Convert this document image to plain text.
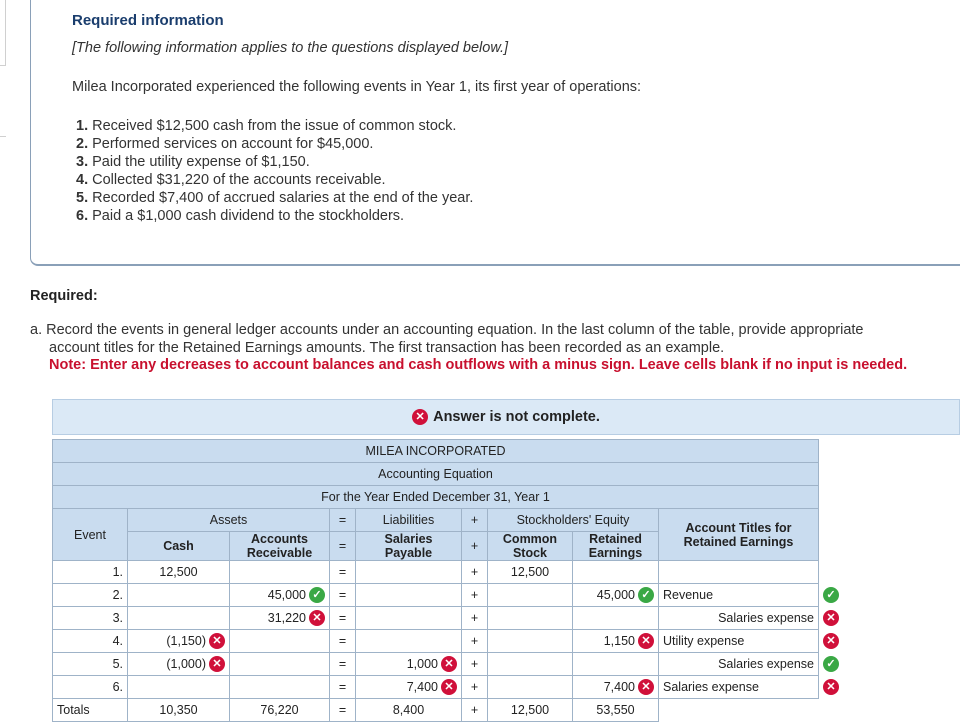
Required information
[The following information applies to the questions displayed below.]
Milea Incorporated experienced the following events in Year 1, its first year of operations:
1. Received $12,500 cash from the issue of common stock.
2. Performed services on account for $45,000.
3. Paid the utility expense of $1,150.
4. Collected $31,220 of the accounts receivable.
5. Recorded $7,400 of accrued salaries at the end of the year.
6. Paid a $1,000 cash dividend to the stockholders.
Required:
a. Record the events in general ledger accounts under an accounting equation. In the last column of the table, provide appropriate
account titles for the Retained Earnings amounts. The first transaction has been recorded as an example.
Note: Enter any decreases to account balances and cash outflows with a minus sign. Leave cells blank if no input is needed.
✕ Answer is not complete.
MILEA INCORPORATED									
Accounting Equation									
For the Year Ended December 31, Year 1									
Event	Assets		=	Liabilities	+	Stockholders' Equity		Account Titles for
Retained Earnings	
	Cash	Accounts
Receivable	=	Salaries
Payable	+	Common
Stock	Retained
Earnings		
1.	12,500		=		+	12,500			
2.		45,000 ✓	=		+		45,000 ✓	Revenue	✓
3.		31,220 ✕	=		+			Salaries expense	✕
4.	(1,150) ✕		=		+		1,150 ✕	Utility expense	✕
5.	(1,000) ✕		=	1,000 ✕	+			Salaries expense	✓
6.			=	7,400 ✕	+		7,400 ✕	Salaries expense	✕
Totals	10,350	76,220	=	8,400	+	12,500	53,550		
